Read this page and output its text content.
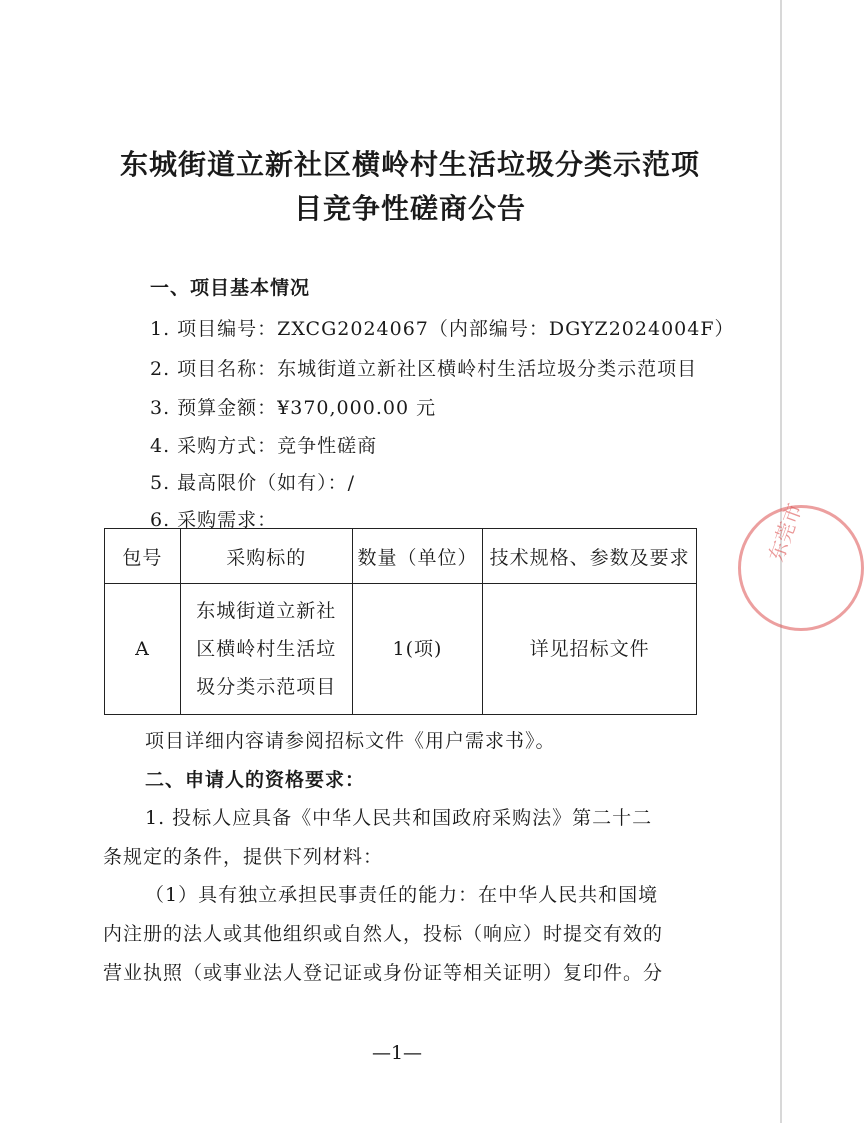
东城街道立新社区横岭村生活垃圾分类示范项
目竞争性磋商公告
一、项目基本情况
1. 项目编号：ZXCG2024067（内部编号：DGYZ2024004F）
2. 项目名称：东城街道立新社区横岭村生活垃圾分类示范项目
3. 预算金额：¥370,000.00 元
4. 采购方式：竞争性磋商
5. 最高限价（如有）：/
6. 采购需求：
包号	采购标的	数量（单位）	技术规格、参数及要求
A	东城街道立新社
区横岭村生活垃
圾分类示范项目	1(项)	详见招标文件
项目详细内容请参阅招标文件《用户需求书》。
二、申请人的资格要求：
1. 投标人应具备《中华人民共和国政府采购法》第二十二
条规定的条件，提供下列材料：
（1）具有独立承担民事责任的能力：在中华人民共和国境
内注册的法人或其他组织或自然人，投标（响应）时提交有效的
营业执照（或事业法人登记证或身份证等相关证明）复印件。分
—1—
东莞市
